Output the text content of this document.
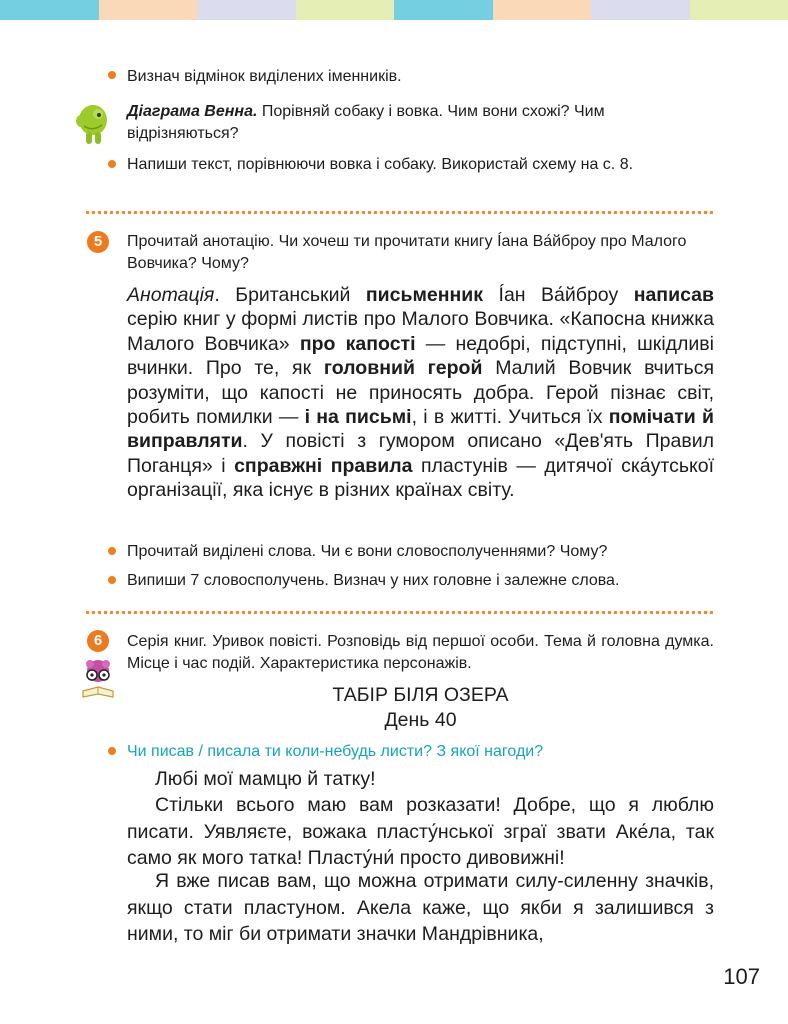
Визнач відмінок виділених іменників.
Діаграма Венна. Порівняй собаку і вовка. Чим вони схожі? Чим відрізняються?
Напиши текст, порівнюючи вовка і собаку. Використай схему на с. 8.
5	Прочитай анотацію. Чи хочеш ти прочитати книгу Íана Ва́йброу про Малого Вовчика? Чому?
Анотація. Британський письменник Íан Ва́йброу написав серію книг у формі листів про Малого Вовчика. «Капосна книжка Малого Вовчика» про капості — недобрі, підступні, шкідливі вчинки. Про те, як головний герой Малий Вовчик вчиться розуміти, що капості не приносять добра. Герой пізнає світ, робить помилки — і на письмі, і в житті. Учиться їх помічати й виправляти. У повісті з гумором описано «Дев'ять Правил Поганця» і справжні правила пластунів — дитячої ска́утської організації, яка існує в різних країнах світу.
Прочитай виділені слова. Чи є вони словосполученнями? Чому?
Випиши 7 словосполучень. Визнач у них головне і залежне слова.
6	Серія книг. Уривок повісті. Розповідь від першої особи. Тема й головна думка. Місце і час подій. Характеристика персонажів.
ТАБІР БІЛЯ ОЗЕРА
День 40
Чи писав / писала ти коли-небудь листи? З якої нагоди?
Любі мої мамцю й татку!
Стільки всього маю вам розказати! Добре, що я люблю писати. Уявляєте, вожака пласту́нської зграї звати Аке́ла, так само як мого татка! Пласту́ни́ просто дивовижні!
Я вже писав вам, що можна отримати силу-силенну значків, якщо стати пластуном. Акела каже, що якби я залишився з ними, то міг би отримати значки Мандрівника,
107
